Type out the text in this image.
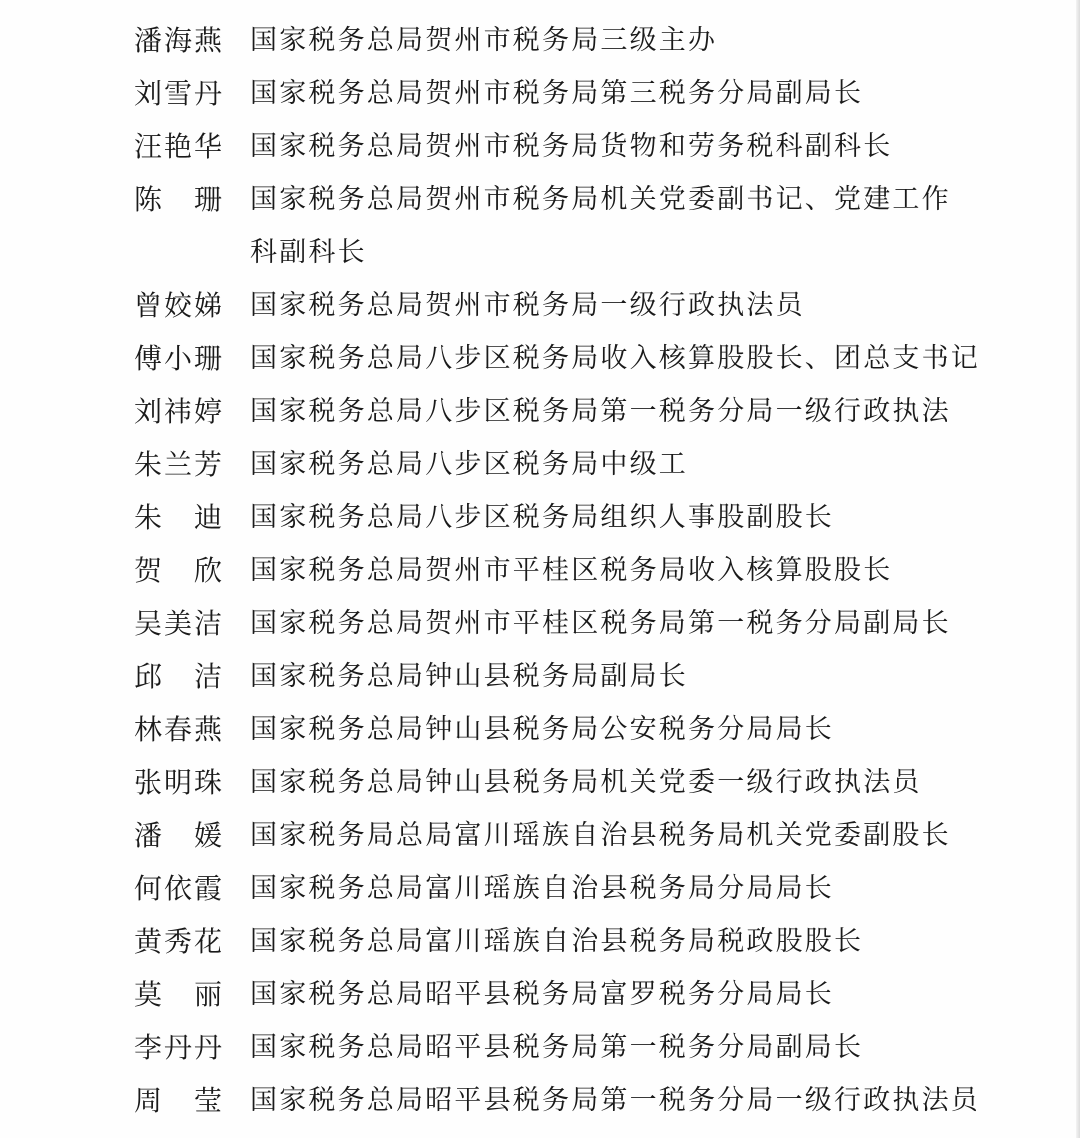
潘海燕 国家税务总局贺州市税务局三级主办
刘雪丹 国家税务总局贺州市税务局第三税务分局副局长
汪艳华 国家税务总局贺州市税务局货物和劳务税科副科长
陈 珊 国家税务总局贺州市税务局机关党委副书记、党建工作
科副科长
曾姣娣 国家税务总局贺州市税务局一级行政执法员
傅小珊 国家税务总局八步区税务局收入核算股股长、团总支书记
刘祎婷 国家税务总局八步区税务局第一税务分局一级行政执法
朱兰芳 国家税务总局八步区税务局中级工
朱 迪 国家税务总局八步区税务局组织人事股副股长
贺 欣 国家税务总局贺州市平桂区税务局收入核算股股长
吴美洁 国家税务总局贺州市平桂区税务局第一税务分局副局长
邱 洁 国家税务总局钟山县税务局副局长
林春燕 国家税务总局钟山县税务局公安税务分局局长
张明珠 国家税务总局钟山县税务局机关党委一级行政执法员
潘 媛 国家税务局总局富川瑶族自治县税务局机关党委副股长
何依霞 国家税务总局富川瑶族自治县税务局分局局长
黄秀花 国家税务总局富川瑶族自治县税务局税政股股长
莫 丽 国家税务总局昭平县税务局富罗税务分局局长
李丹丹 国家税务总局昭平县税务局第一税务分局副局长
周 莹 国家税务总局昭平县税务局第一税务分局一级行政执法员
